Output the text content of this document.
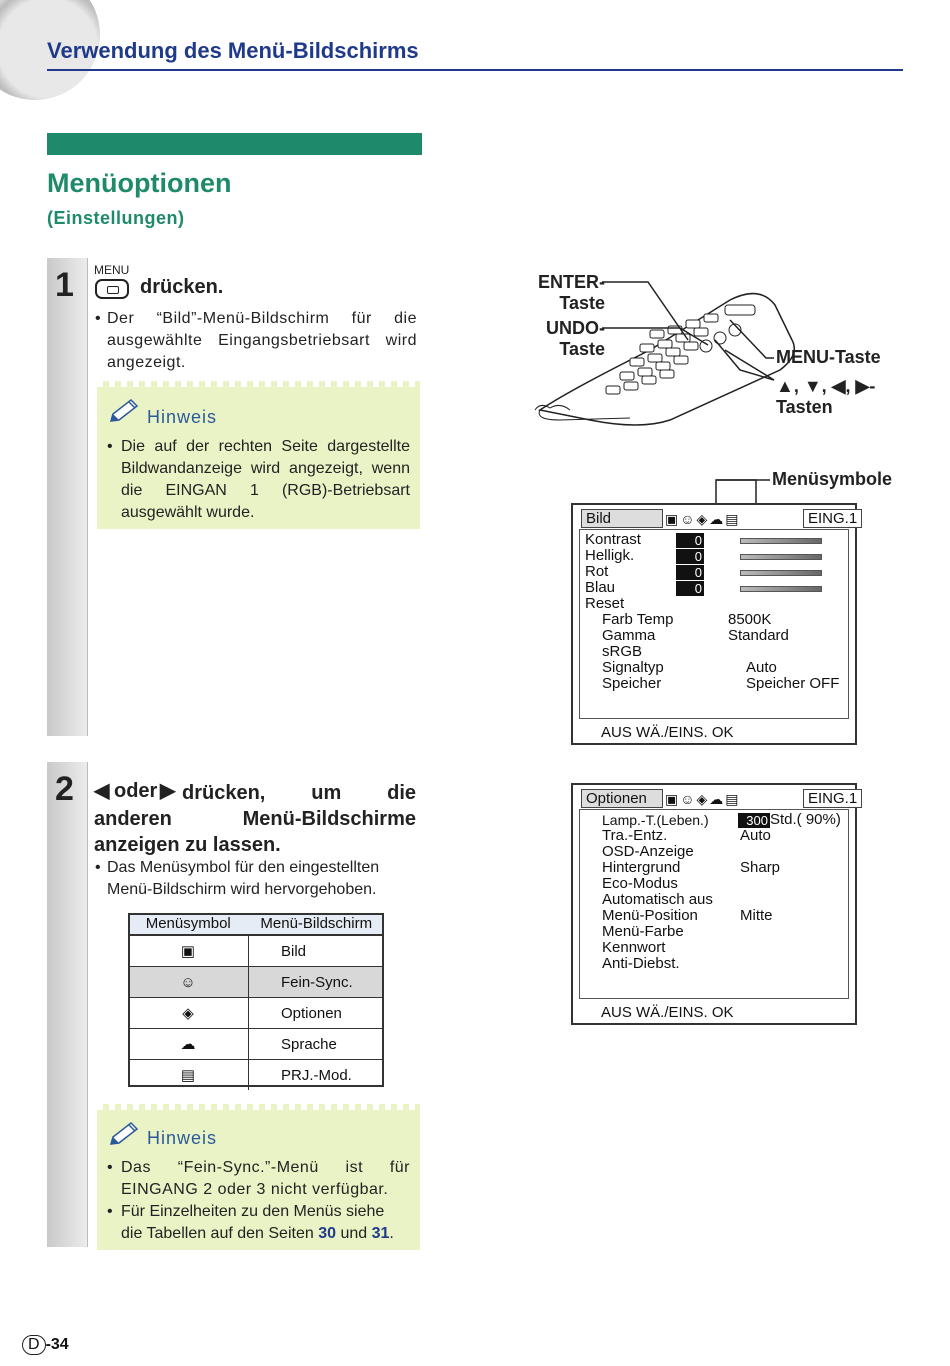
Verwendung des Menü-Bildschirms
Menüoptionen
(Einstellungen)
1 MENU
drücken.
• Der “Bild”-Menü-Bildschirm für die ausgewählte Eingangsbetriebsart wird angezeigt.
Hinweis
• Die auf der rechten Seite dargestellte Bildwandanzeige wird angezeigt, wenn die EINGAN 1 (RGB)-Betriebsart ausgewählt wurde.
ENTER-
Taste
UNDO-
Taste	MENU-Taste
▲, ▼, ◀, ▶-
Tasten
Menüsymbole
Bild	▣☺◈☁▤	EING.1
Kontrast	0
Helligk.	0
Rot	0
Blau	0
Reset
Farb Temp	8500K
Gamma	Standard
sRGB
Signaltyp	Auto
Speicher	Speicher OFF
AUS WÄ./EINS. OK
2 ◀ oder ▶ drücken, um die anderen Menü-Bildschirme anzeigen zu lassen.
• Das Menüsymbol für den eingestellten Menü-Bildschirm wird hervorgehoben.
Menüsymbol	Menü-Bildschirm
▣	Bild
☺	Fein-Sync.
◈	Optionen
☁	Sprache
▤	PRJ.-Mod.
Optionen	▣☺◈☁▤	EING.1
Lamp.-T.(Leben.)	300 Std.( 90%)
Tra.-Entz.	Auto
OSD-Anzeige
Hintergrund	Sharp
Eco-Modus
Automatisch aus
Menü-Position	Mitte
Menü-Farbe
Kennwort
Anti-Diebst.
AUS WÄ./EINS. OK
Hinweis
• Das “Fein-Sync.”-Menü ist für EINGANG 2 oder 3 nicht verfügbar.
• Für Einzelheiten zu den Menüs siehe die Tabellen auf den Seiten 30 und 31.
D -34
